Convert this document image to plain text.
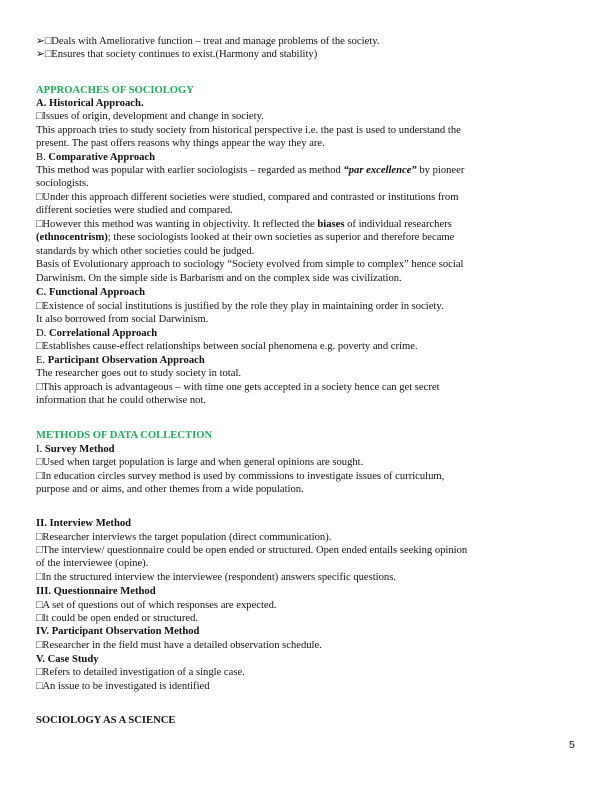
➢□Deals with Ameliorative function – treat and manage problems of the society.
➢□Ensures that society continues to exist.(Harmony and stability)
APPROACHES OF SOCIOLOGY
A. Historical Approach.
□Issues of origin, development and change in society.
This approach tries to study society from historical perspective i.e. the past is used to understand the
present. The past offers reasons why things appear the way they are.
B. Comparative Approach
This method was popular with earlier sociologists – regarded as method “par excellence” by pioneer
sociologists.
□Under this approach different societies were studied, compared and contrasted or institutions from
different societies were studied and compared.
□However this method was wanting in objectivity. It reflected the biases of individual researchers
(ethnocentrism); these sociologists looked at their own societies as superior and therefore became
standards by which other societies could be judged.
Basis of Evolutionary approach to sociology “Society evolved from simple to complex” hence social
Darwinism. On the simple side is Barbarism and on the complex side was civilization.
C. Functional Approach
□Existence of social institutions is justified by the role they play in maintaining order in society.
It also borrowed from social Darwinism.
D. Correlational Approach
□Establishes cause-effect relationships between social phenomena e.g. poverty and crime.
E. Participant Observation Approach
The researcher goes out to study society in total.
□This approach is advantageous – with time one gets accepted in a society hence can get secret
information that he could otherwise not.
METHODS OF DATA COLLECTION
I. Survey Method
□Used when target population is large and when general opinions are sought.
□In education circles survey method is used by commissions to investigate issues of curriculum,
purpose and or aims, and other themes from a wide population.
II. Interview Method
□Researcher interviews the target population (direct communication).
□The interview/ questionnaire could be open ended or structured. Open ended entails seeking opinion
of the interviewee (opine).
□In the structured interview the interviewee (respondent) answers specific questions.
III. Questionnaire Method
□A set of questions out of which responses are expected.
□It could be open ended or structured.
IV. Participant Observation Method
□Researcher in the field must have a detailed observation schedule.
V. Case Study
□Refers to detailed investigation of a single case.
□An issue to be investigated is identified
SOCIOLOGY AS A SCIENCE
5
